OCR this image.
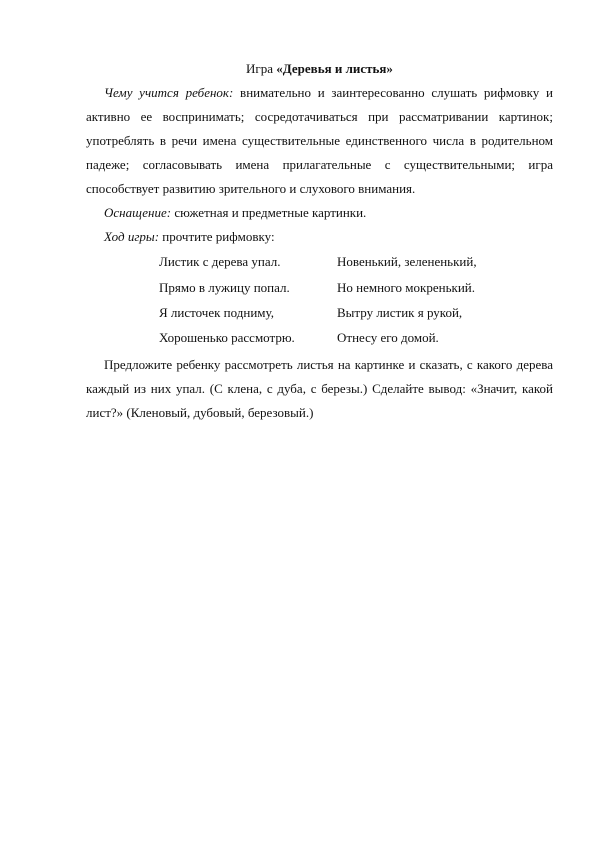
Игра «Деревья и листья»

Чему учится ребенок: внимательно и заинтересованно слушать рифмовку и активно ее воспринимать; сосредотачиваться при рассматривании картинок; употреблять в речи имена существительные единственного числа в родительном падеже; согласовывать имена прилагательные с существительными; игра способствует развитию зрительного и слухового внимания.

Оснащение: сюжетная и предметные картинки.

Ход игры: прочтите рифмовку:

Листик с дерева упал.	Новенький, зелененький,
Прямо в лужицу попал.	Но немного мокренький.
Я листочек подниму,	Вытру листик я рукой,
Хорошенько рассмотрю.	Отнесу его домой.

Предложите ребенку рассмотреть листья на картинке и сказать, с какого дерева каждый из них упал. (С клена, с дуба, с березы.) Сделайте вывод: «Значит, какой лист?» (Кленовый, дубовый, березовый.)
